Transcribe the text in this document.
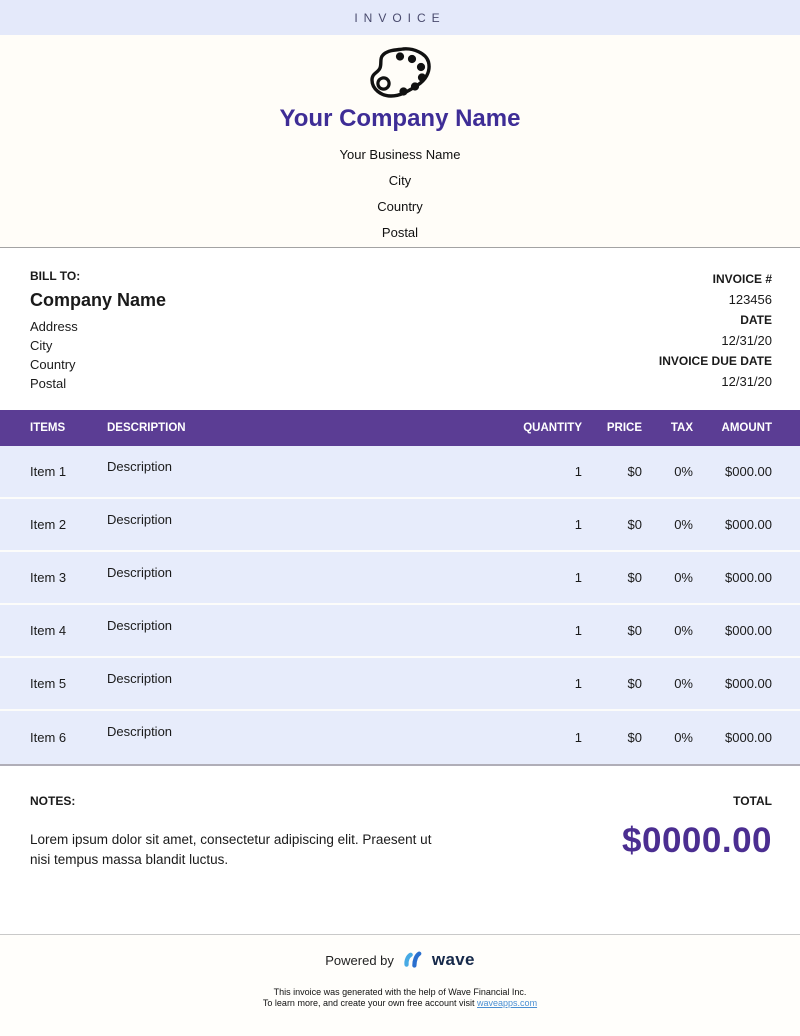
INVOICE
Your Company Name
Your Business Name
City
Country
Postal
BILL TO:
Company Name
Address
City
Country
Postal
INVOICE #
123456
DATE
12/31/20
INVOICE DUE DATE
12/31/20
ITEMS	DESCRIPTION	QUANTITY	PRICE	TAX	AMOUNT
Item 1	Description	1	$0	0%	$000.00
Item 2	Description	1	$0	0%	$000.00
Item 3	Description	1	$0	0%	$000.00
Item 4	Description	1	$0	0%	$000.00
Item 5	Description	1	$0	0%	$000.00
Item 6	Description	1	$0	0%	$000.00
NOTES:
Lorem ipsum dolor sit amet, consectetur adipiscing elit. Praesent ut nisi tempus massa blandit luctus.
TOTAL
$0000.00
Powered by wave
This invoice was generated with the help of Wave Financial Inc.
To learn more, and create your own free account visit waveapps.com
